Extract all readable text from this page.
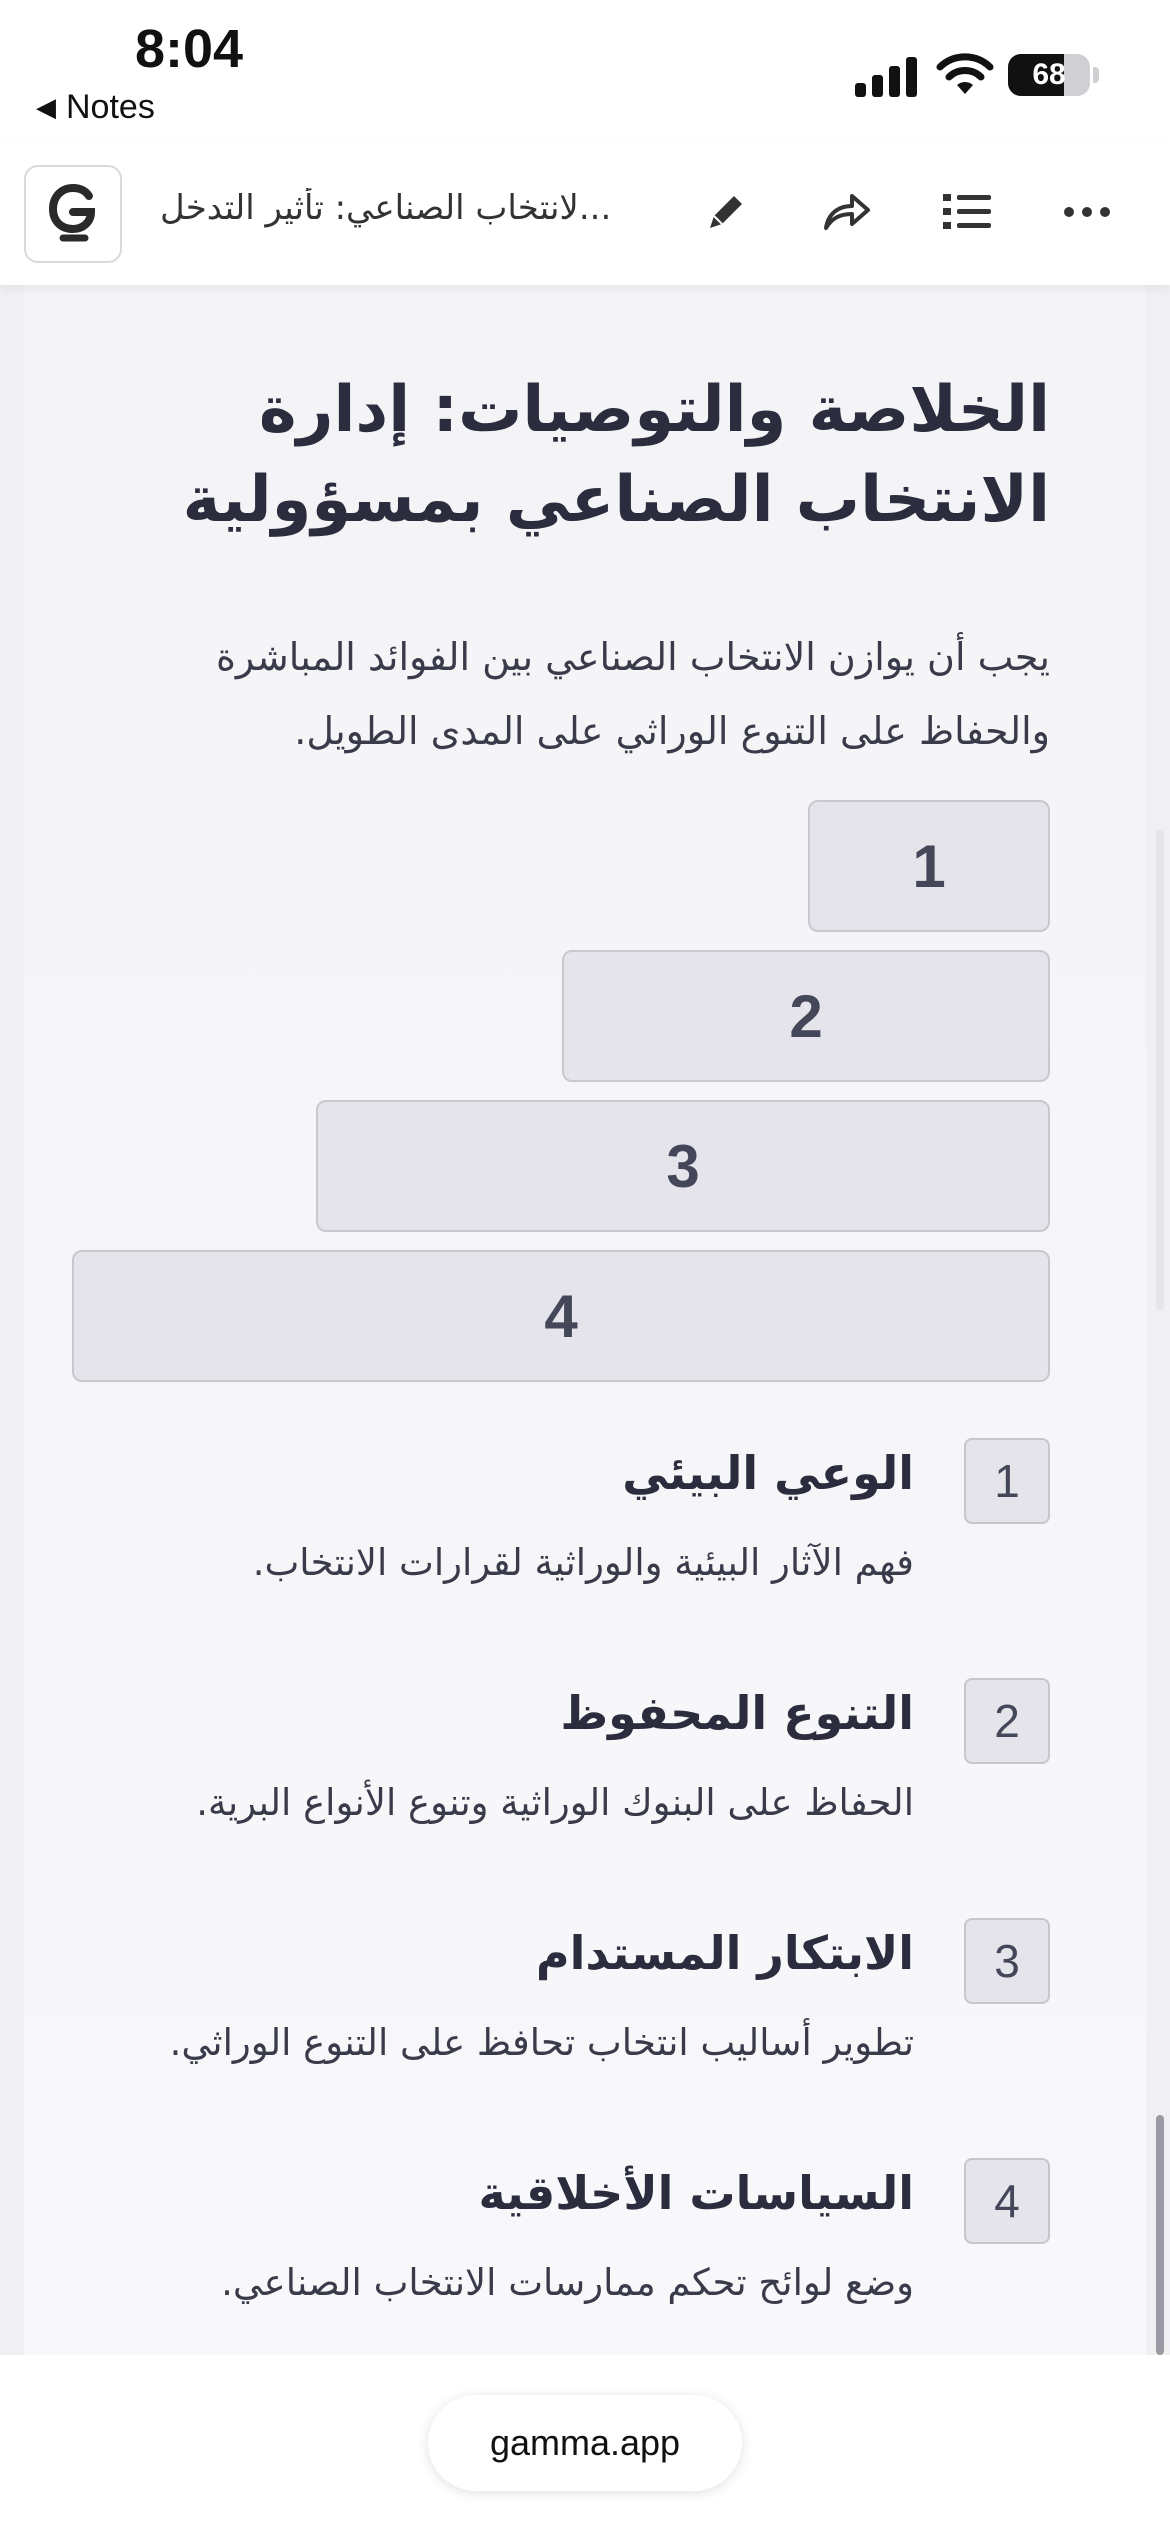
8:04
◀ Notes
68
...لانتخاب الصناعي: تأثير التدخل
الخلاصة والتوصيات: إدارة الانتخاب الصناعي بمسؤولية
يجب أن يوازن الانتخاب الصناعي بين الفوائد المباشرة والحفاظ على التنوع الوراثي على المدى الطويل.
1
2
3
4
1
الوعي البيئي
فهم الآثار البيئية والوراثية لقرارات الانتخاب.
2
التنوع المحفوظ
الحفاظ على البنوك الوراثية وتنوع الأنواع البرية.
3
الابتكار المستدام
تطوير أساليب انتخاب تحافظ على التنوع الوراثي.
4
السياسات الأخلاقية
وضع لوائح تحكم ممارسات الانتخاب الصناعي.
gamma.app
